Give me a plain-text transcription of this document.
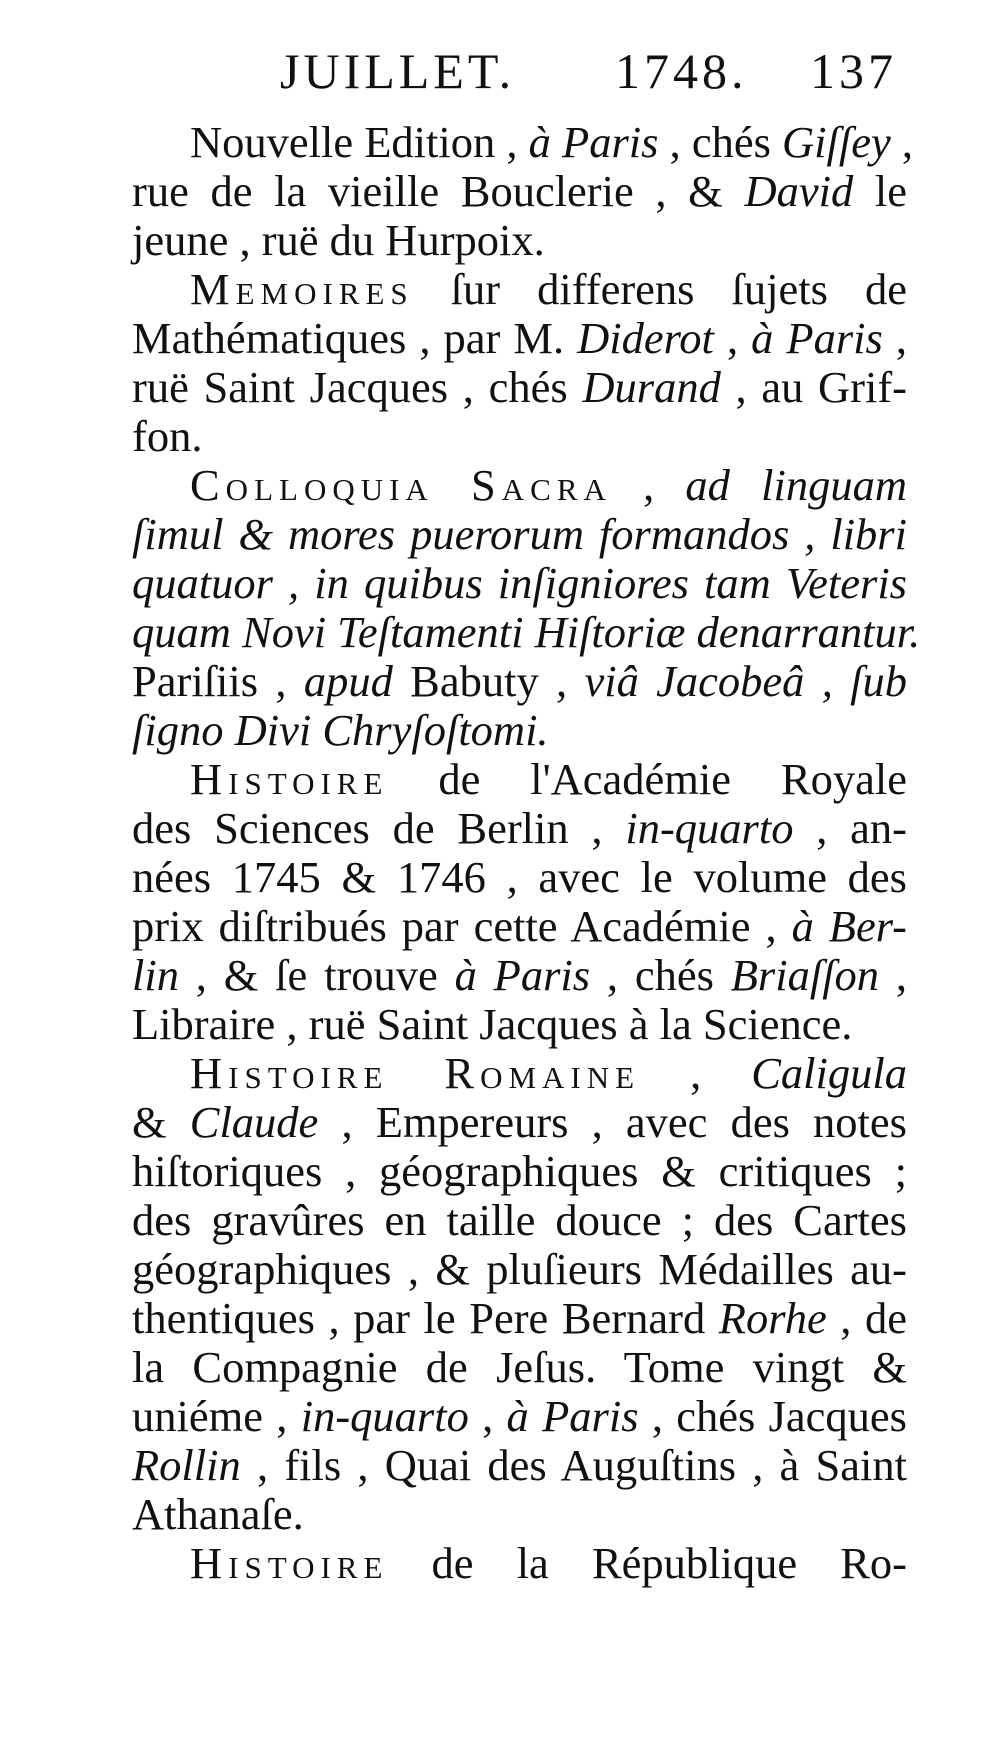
JUILLET. 1748. 137
Nouvelle Edition , à Paris , chés Giſſey ,
rue de la vieille Bouclerie , & David le
jeune , ruë du Hurpoix.
Memoires ſur differens ſujets de
Mathématiques , par M. Diderot , à Paris ,
ruë Saint Jacques , chés Durand , au Grif-
fon.
Colloquia Sacra , ad linguam
ſimul & mores puerorum formandos , libri
quatuor , in quibus inſigniores tam Veteris
quam Novi Teſtamenti Hiſtoriæ denarrantur.
Pariſiis , apud Babuty , viâ Jacobeâ , ſub
ſigno Divi Chryſoſtomi.
Histoire de l'Académie Royale
des Sciences de Berlin , in-quarto , an-
nées 1745 & 1746 , avec le volume des
prix diſtribués par cette Académie , à Ber-
lin , & ſe trouve à Paris , chés Briaſſon ,
Libraire , ruë Saint Jacques à la Science.
Histoire Romaine , Caligula
& Claude , Empereurs , avec des notes
hiſtoriques , géographiques & critiques ;
des gravûres en taille douce ; des Cartes
géographiques , & pluſieurs Médailles au-
thentiques , par le Pere Bernard Rorhe , de
la Compagnie de Jeſus. Tome vingt &
uniéme , in-quarto , à Paris , chés Jacques
Rollin , fils , Quai des Auguſtins , à Saint
Athanaſe.
Histoire de la République Ro-
